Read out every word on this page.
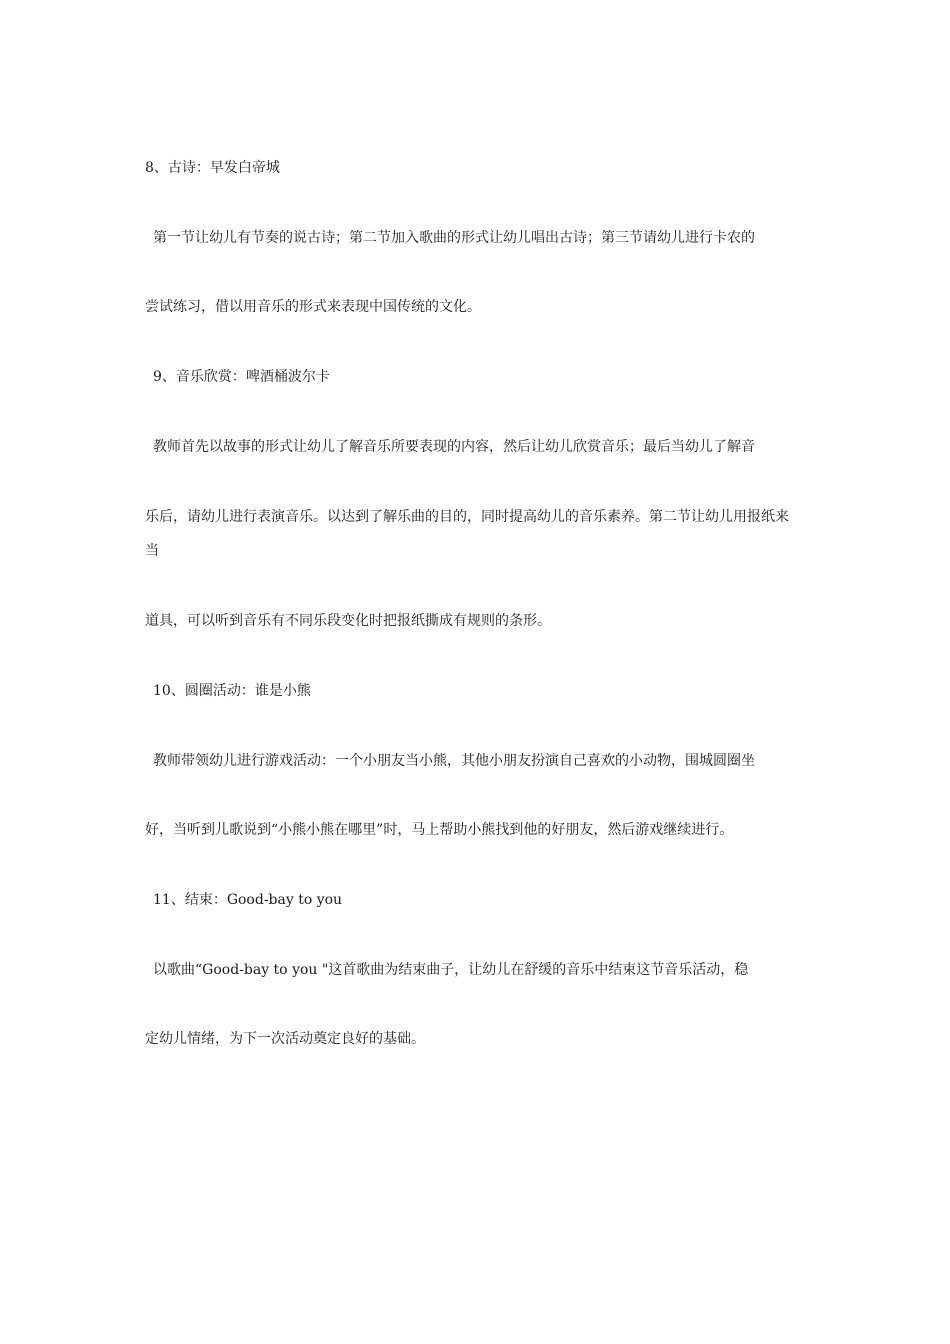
8、古诗：早发白帝城
第一节让幼儿有节奏的说古诗；第二节加入歌曲的形式让幼儿唱出古诗；第三节请幼儿进行卡农的
尝试练习，借以用音乐的形式来表现中国传统的文化。
9、音乐欣赏：啤酒桶波尔卡
教师首先以故事的形式让幼儿了解音乐所要表现的内容，然后让幼儿欣赏音乐；最后当幼儿了解音
乐后，请幼儿进行表演音乐。以达到了解乐曲的目的，同时提高幼儿的音乐素养。第二节让幼儿用报纸来
当
道具，可以听到音乐有不同乐段变化时把报纸撕成有规则的条形。
10、圆圈活动：谁是小熊
教师带领幼儿进行游戏活动：一个小朋友当小熊，其他小朋友扮演自己喜欢的小动物，围城圆圈坐
好，当听到儿歌说到“小熊小熊在哪里”时，马上帮助小熊找到他的好朋友，然后游戏继续进行。
11、结束：Good-bay to you
以歌曲“Good-bay to you "这首歌曲为结束曲子，让幼儿在舒缓的音乐中结束这节音乐活动，稳
定幼儿情绪，为下一次活动奠定良好的基础。
